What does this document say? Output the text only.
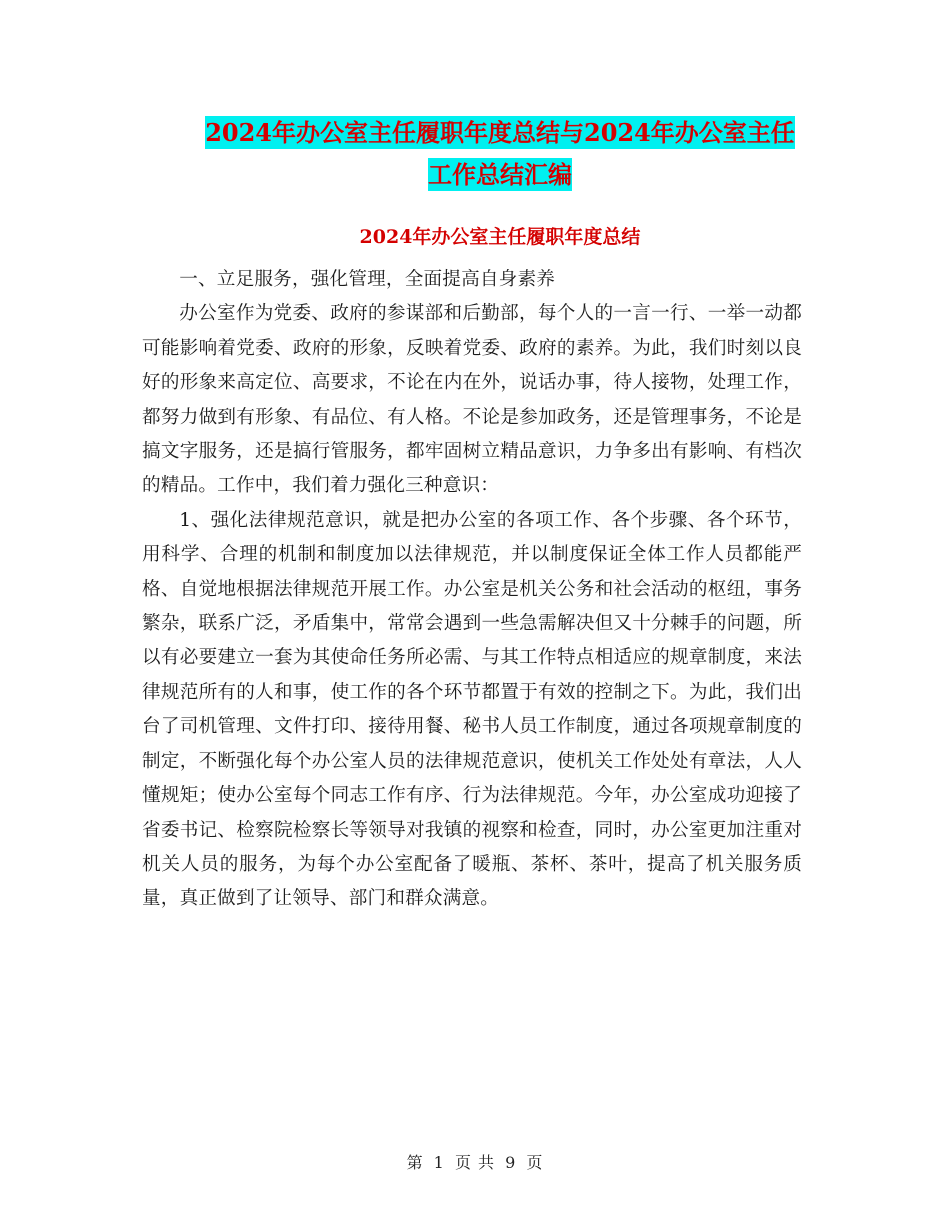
2024年办公室主任履职年度总结与2024年办公室主任
工作总结汇编
2024年办公室主任履职年度总结

一、立足服务，强化管理，全面提高自身素养

办公室作为党委、政府的参谋部和后勤部，每个人的一言一行、一举一动都可能影响着党委、政府的形象，反映着党委、政府的素养。为此，我们时刻以良好的形象来高定位、高要求，不论在内在外，说话办事，待人接物，处理工作，都努力做到有形象、有品位、有人格。不论是参加政务，还是管理事务，不论是搞文字服务，还是搞行管服务，都牢固树立精品意识，力争多出有影响、有档次的精品。工作中，我们着力强化三种意识：

1、强化法律规范意识，就是把办公室的各项工作、各个步骤、各个环节，用科学、合理的机制和制度加以法律规范，并以制度保证全体工作人员都能严格、自觉地根据法律规范开展工作。办公室是机关公务和社会活动的枢纽，事务繁杂，联系广泛，矛盾集中，常常会遇到一些急需解决但又十分棘手的问题，所以有必要建立一套为其使命任务所必需、与其工作特点相适应的规章制度，来法律规范所有的人和事，使工作的各个环节都置于有效的控制之下。为此，我们出台了司机管理、文件打印、接待用餐、秘书人员工作制度，通过各项规章制度的制定，不断强化每个办公室人员的法律规范意识，使机关工作处处有章法，人人懂规矩；使办公室每个同志工作有序、行为法律规范。今年，办公室成功迎接了省委书记、检察院检察长等领导对我镇的视察和检查，同时，办公室更加注重对机关人员的服务，为每个办公室配备了暖瓶、茶杯、茶叶，提高了机关服务质量，真正做到了让领导、部门和群众满意。

第 1 页 共 9 页
